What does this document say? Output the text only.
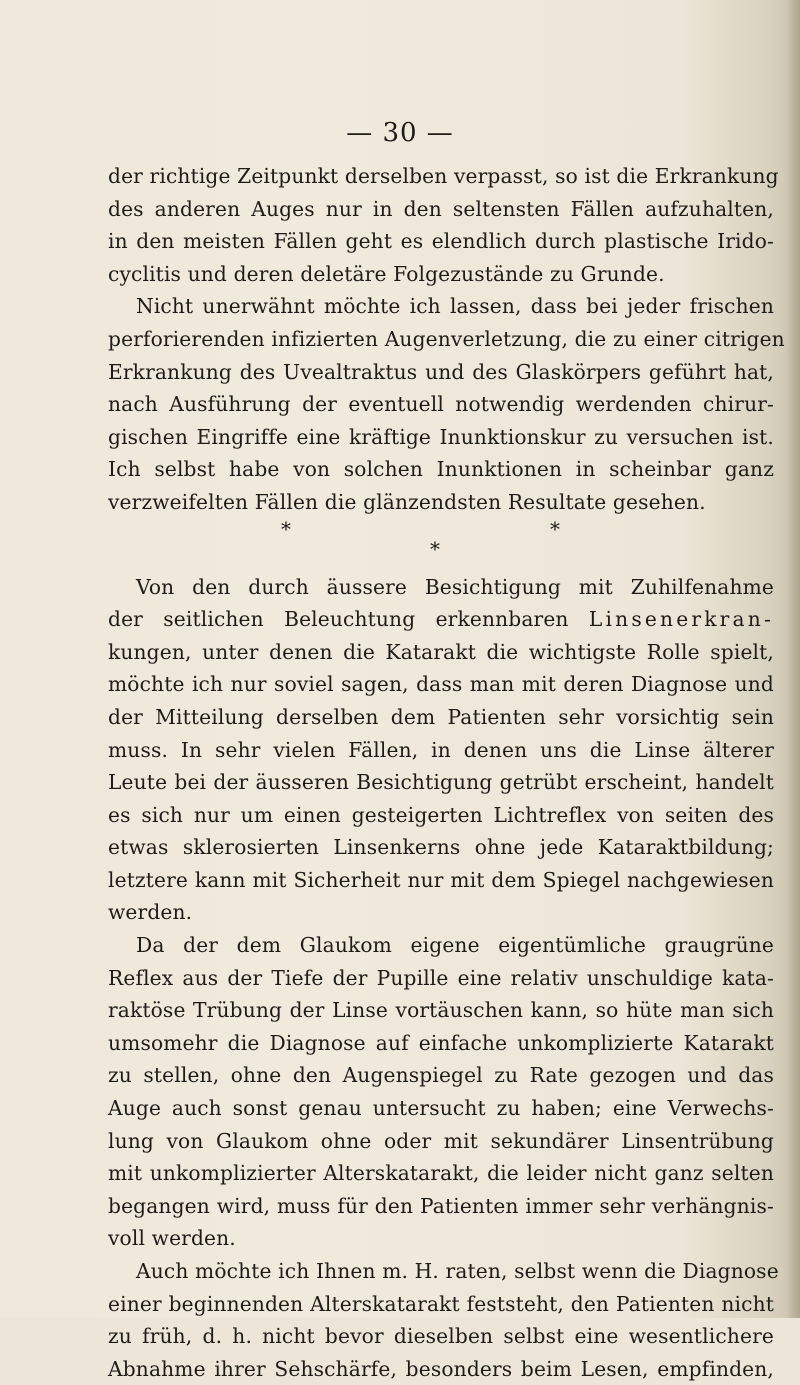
— 30 —
der richtige Zeitpunkt derselben verpasst, so ist die Erkrankung
des anderen Auges nur in den seltensten Fällen aufzuhalten,
in den meisten Fällen geht es elendlich durch plastische Irido-
cyclitis und deren deletäre Folgezustände zu Grunde.
Nicht unerwähnt möchte ich lassen, dass bei jeder frischen
perforierenden infizierten Augenverletzung, die zu einer citrigen
Erkrankung des Uvealtraktus und des Glaskörpers geführt hat,
nach Ausführung der eventuell notwendig werdenden chirur-
gischen Eingriffe eine kräftige Inunktionskur zu versuchen ist.
Ich selbst habe von solchen Inunktionen in scheinbar ganz
verzweifelten Fällen die glänzendsten Resultate gesehen.
*	*
*
Von den durch äussere Besichtigung mit Zuhilfenahme
der seitlichen Beleuchtung erkennbaren Linsenerkran-
kungen, unter denen die Katarakt die wichtigste Rolle spielt,
möchte ich nur soviel sagen, dass man mit deren Diagnose und
der Mitteilung derselben dem Patienten sehr vorsichtig sein
muss. In sehr vielen Fällen, in denen uns die Linse älterer
Leute bei der äusseren Besichtigung getrübt erscheint, handelt
es sich nur um einen gesteigerten Lichtreflex von seiten des
etwas sklerosierten Linsenkerns ohne jede Kataraktbildung;
letztere kann mit Sicherheit nur mit dem Spiegel nachgewiesen
werden.
Da der dem Glaukom eigene eigentümliche graugrüne
Reflex aus der Tiefe der Pupille eine relativ unschuldige kata-
raktöse Trübung der Linse vortäuschen kann, so hüte man sich
umsomehr die Diagnose auf einfache unkomplizierte Katarakt
zu stellen, ohne den Augenspiegel zu Rate gezogen und das
Auge auch sonst genau untersucht zu haben; eine Verwechs-
lung von Glaukom ohne oder mit sekundärer Linsentrübung
mit unkomplizierter Alterskatarakt, die leider nicht ganz selten
begangen wird, muss für den Patienten immer sehr verhängnis-
voll werden.
Auch möchte ich Ihnen m. H. raten, selbst wenn die Diagnose
einer beginnenden Alterskatarakt feststeht, den Patienten nicht
zu früh, d. h. nicht bevor dieselben selbst eine wesentlichere
Abnahme ihrer Sehschärfe, besonders beim Lesen, empfinden,
